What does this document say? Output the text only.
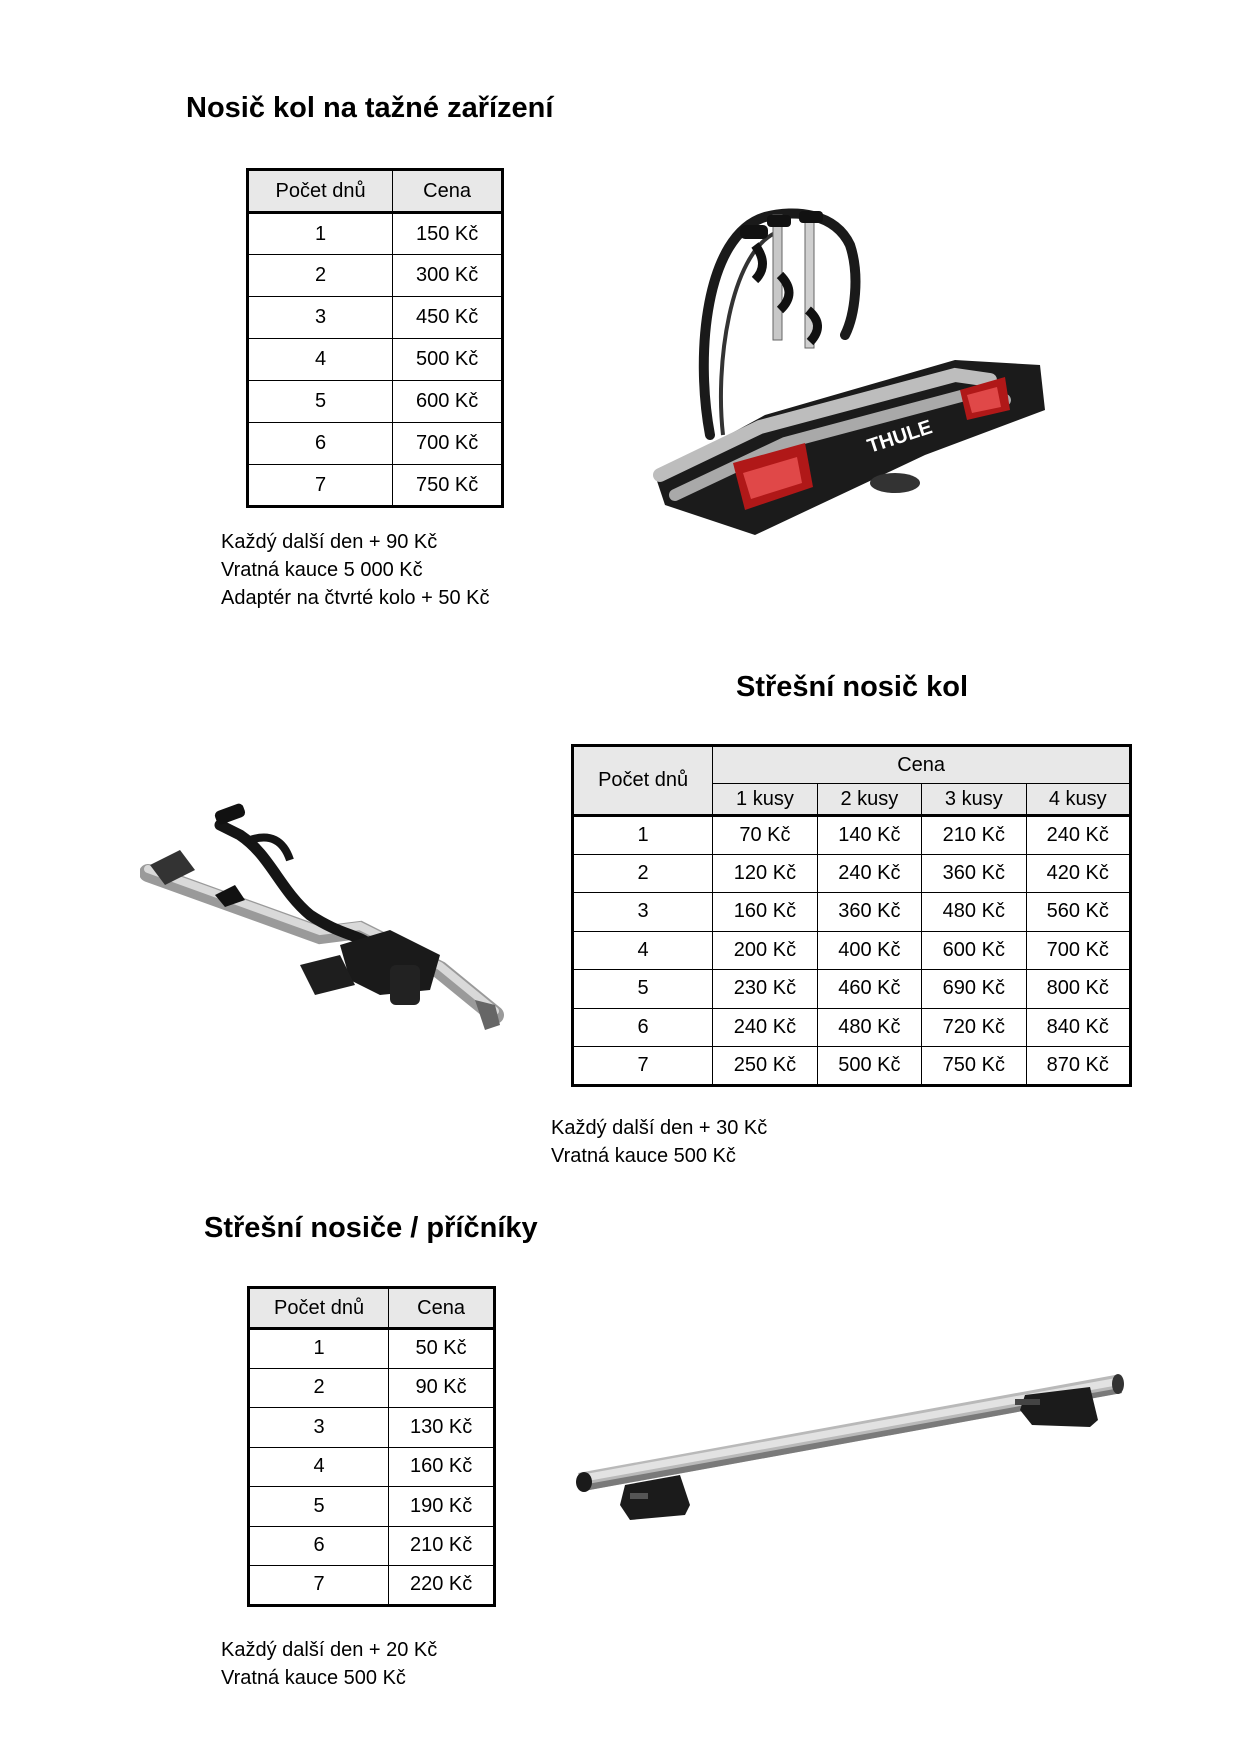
Nosič kol na tažné zařízení
Počet dnů	Cena
1	150 Kč
2	300 Kč
3	450 Kč
4	500 Kč
5	600 Kč
6	700 Kč
7	750 Kč
Každý další den + 90 Kč
Vratná kauce 5 000 Kč
Adaptér na čtvrté kolo + 50 Kč
THULE
Střešní nosič kol
Počet dnů	Cena			
	1 kusy	2 kusy	3 kusy	4 kusy
1	70 Kč	140 Kč	210 Kč	240 Kč
2	120 Kč	240 Kč	360 Kč	420 Kč
3	160 Kč	360 Kč	480 Kč	560 Kč
4	200 Kč	400 Kč	600 Kč	700 Kč
5	230 Kč	460 Kč	690 Kč	800 Kč
6	240 Kč	480 Kč	720 Kč	840 Kč
7	250 Kč	500 Kč	750 Kč	870 Kč
Každý další den + 30 Kč
Vratná kauce 500 Kč
Střešní nosiče / příčníky
Počet dnů	Cena
1	50 Kč
2	90 Kč
3	130 Kč
4	160 Kč
5	190 Kč
6	210 Kč
7	220 Kč
Každý další den + 20 Kč
Vratná kauce 500 Kč
